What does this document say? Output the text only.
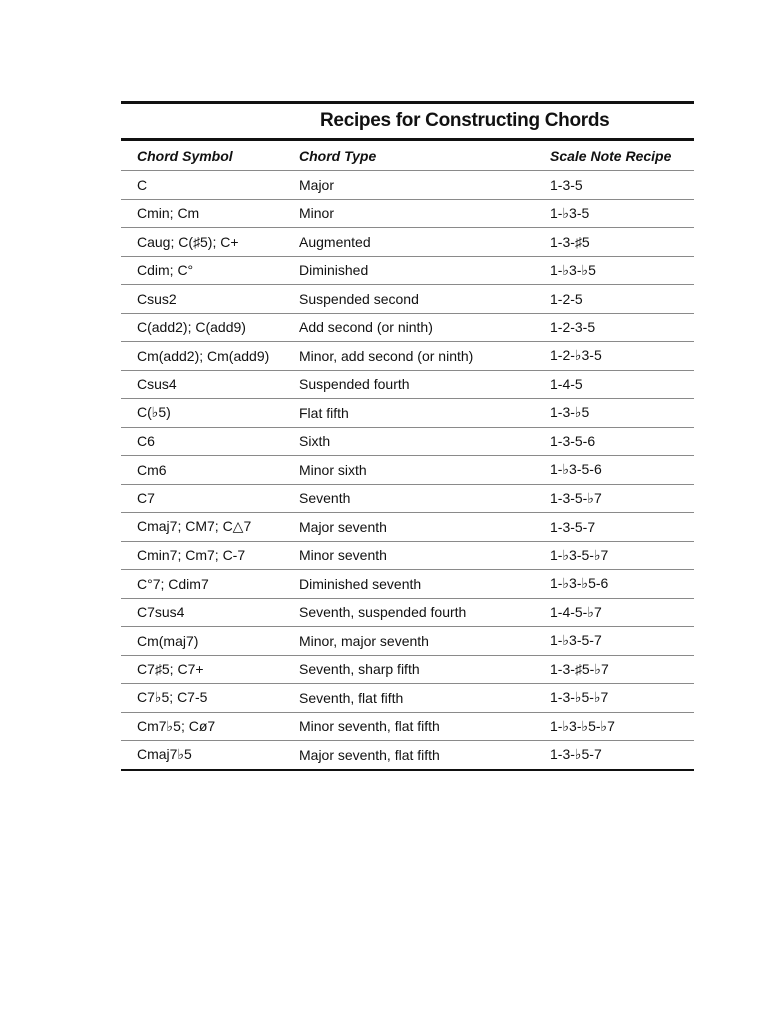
Recipes for Constructing Chords
Chord Symbol	Chord Type	Scale Note Recipe
C	Major	1-3-5
Cmin; Cm	Minor	1-♭3-5
Caug; C(♯5); C+	Augmented	1-3-♯5
Cdim; C°	Diminished	1-♭3-♭5
Csus2	Suspended second	1-2-5
C(add2); C(add9)	Add second (or ninth)	1-2-3-5
Cm(add2); Cm(add9)	Minor, add second (or ninth)	1-2-♭3-5
Csus4	Suspended fourth	1-4-5
C(♭5)	Flat fifth	1-3-♭5
C6	Sixth	1-3-5-6
Cm6	Minor sixth	1-♭3-5-6
C7	Seventh	1-3-5-♭7
Cmaj7; CM7; C△7	Major seventh	1-3-5-7
Cmin7; Cm7; C-7	Minor seventh	1-♭3-5-♭7
C°7; Cdim7	Diminished seventh	1-♭3-♭5-6
C7sus4	Seventh, suspended fourth	1-4-5-♭7
Cm(maj7)	Minor, major seventh	1-♭3-5-7
C7♯5; C7+	Seventh, sharp fifth	1-3-♯5-♭7
C7♭5; C7-5	Seventh, flat fifth	1-3-♭5-♭7
Cm7♭5; Cø7	Minor seventh, flat fifth	1-♭3-♭5-♭7
Cmaj7♭5	Major seventh, flat fifth	1-3-♭5-7
